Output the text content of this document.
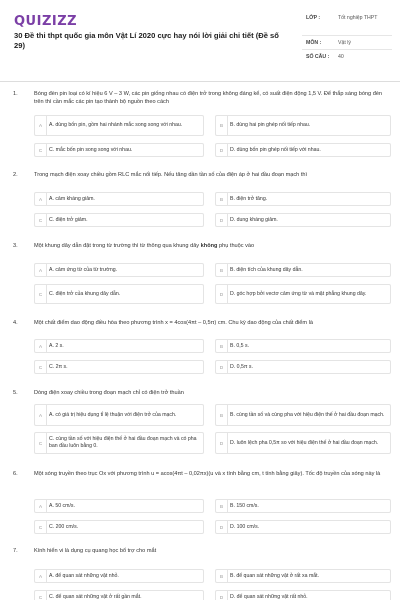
QUIZIZZ
30 Đề thi thpt quốc gia môn Vật Lí 2020 cực hay nói lời giải chi tiết (Đề số 29)
LỚP :	Tốt nghiệp THPT
MÔN :	Vật lý
SỐ CÂU : 40
1.	Bóng đèn pin loại có kí hiệu 6 V – 3 W, các pin giống nhau có điện trở trong không đáng kể, có suất điện động 1,5 V. Để thắp sáng bóng đèn trên thì cần mắc các pin tạo thành bộ nguồn theo cách
A	A. dùng bốn pin, gồm hai nhánh mắc song song với nhau.	B	B. dùng hai pin ghép nối tiếp nhau.
C	C. mắc bốn pin song song với nhau.	D	D. dùng bốn pin ghép nối tiếp với nhau.
2.	Trong mạch điện xoay chiều gồm RLC mắc nối tiếp. Nếu tăng dần tần số của điện áp ở hai đầu đoạn mạch thì
A	A. cảm kháng giảm.	B	B. điện trở tăng.
C	C. điện trở giảm.	D	D. dung kháng giảm.
3.	Một khung dây dẫn đặt trong từ trường thì từ thông qua khung dây không phụ thuộc vào
A	A. cảm ứng từ của từ trường.	B	B. diện tích của khung dây dẫn.
C	C. điện trở của khung dây dẫn.	D	D. góc hợp bởi vectơ cảm ứng từ và mặt phẳng khung dây.
4.	Một chất điểm dao động điều hòa theo phương trình x = 4cos(4πt – 0,5π) cm. Chu kỳ dao động của chất điểm là
A	A. 2 s.	B	B. 0,5 s.
C	C. 2π s.	D	D. 0,5π s.
5.	Dòng điện xoay chiều trong đoạn mạch chỉ có điện trở thuần
A	A. có giá trị hiệu dụng tỉ lệ thuận với điện trở của mạch.	B	B. cùng tần số và cùng pha với hiệu điện thế ở hai đầu đoạn mạch.
C
C. cùng tần số với hiệu điện thế ở hai đầu đoạn mạch và có pha ban đầu luôn bằng 0.	D	D. luôn lệch pha 0,5π so với hiệu điện thế ở hai đầu đoạn mạch.
6.	Một sóng truyền theo trục Ox với phương trình u = acos(4πt – 0,02πx)(u và x tính bằng cm, t tính bằng giây). Tốc độ truyền của sóng này là
A	A. 50 cm/s.	B	B. 150 cm/s.
C	C. 200 cm/s.	D	D. 100 cm/s.
7.	Kính hiển vi là dụng cụ quang học bổ trợ cho mắt
A	A. để quan sát những vật nhỏ.	B	B. để quan sát những vật ở rất xa mắt.
C	C. để quan sát những vật ở rất gần mắt.	D	D. để quan sát những vật rất nhỏ.
